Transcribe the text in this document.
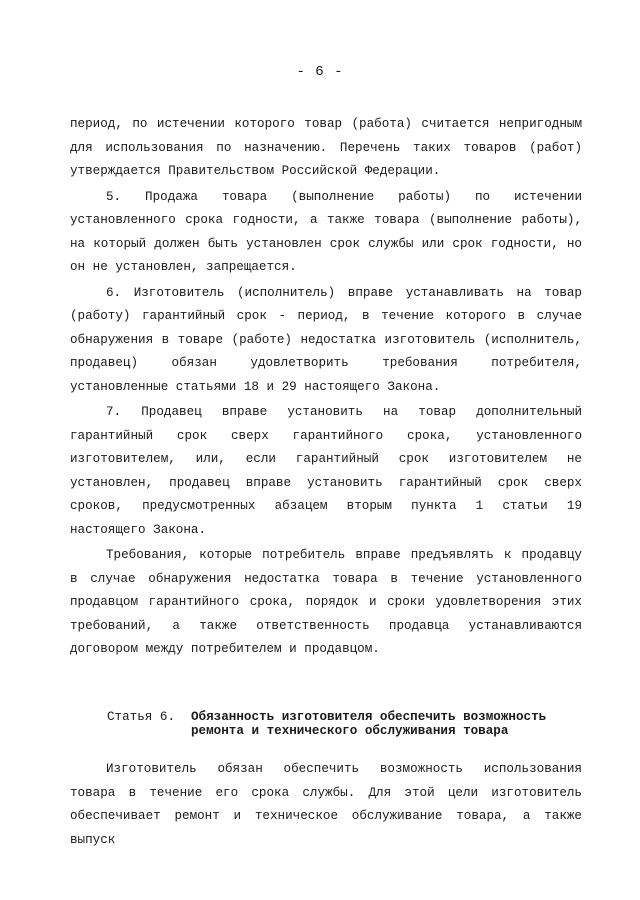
- 6 -

период, по истечении которого товар (работа) считается непригодным для использования по назначению. Перечень таких товаров (работ) утверждается Правительством Российской Федерации.

5. Продажа товара (выполнение работы) по истечении установленного срока годности, а также товара (выполнение работы), на который должен быть установлен срок службы или срок годности, но он не установлен, запрещается.

6. Изготовитель (исполнитель) вправе устанавливать на товар (работу) гарантийный срок - период, в течение которого в случае обнаружения в товаре (работе) недостатка изготовитель (исполнитель, продавец) обязан удовлетворить требования потребителя, установленные статьями 18 и 29 настоящего Закона.

7. Продавец вправе установить на товар дополнительный гарантийный срок сверх гарантийного срока, установленного изготовителем, или, если гарантийный срок изготовителем не установлен, продавец вправе установить гарантийный срок сверх сроков, предусмотренных абзацем вторым пункта 1 статьи 19 настоящего Закона.

Требования, которые потребитель вправе предъявлять к продавцу в случае обнаружения недостатка товара в течение установленного продавцом гарантийного срока, порядок и сроки удовлетворения этих требований, а также ответственность продавца устанавливаются договором между потребителем и продавцом.

Статья 6. Обязанность изготовителя обеспечить возможность ремонта и технического обслуживания товара

Изготовитель обязан обеспечить возможность использования товара в течение его срока службы. Для этой цели изготовитель обеспечивает ремонт и техническое обслуживание товара, а также выпуск
